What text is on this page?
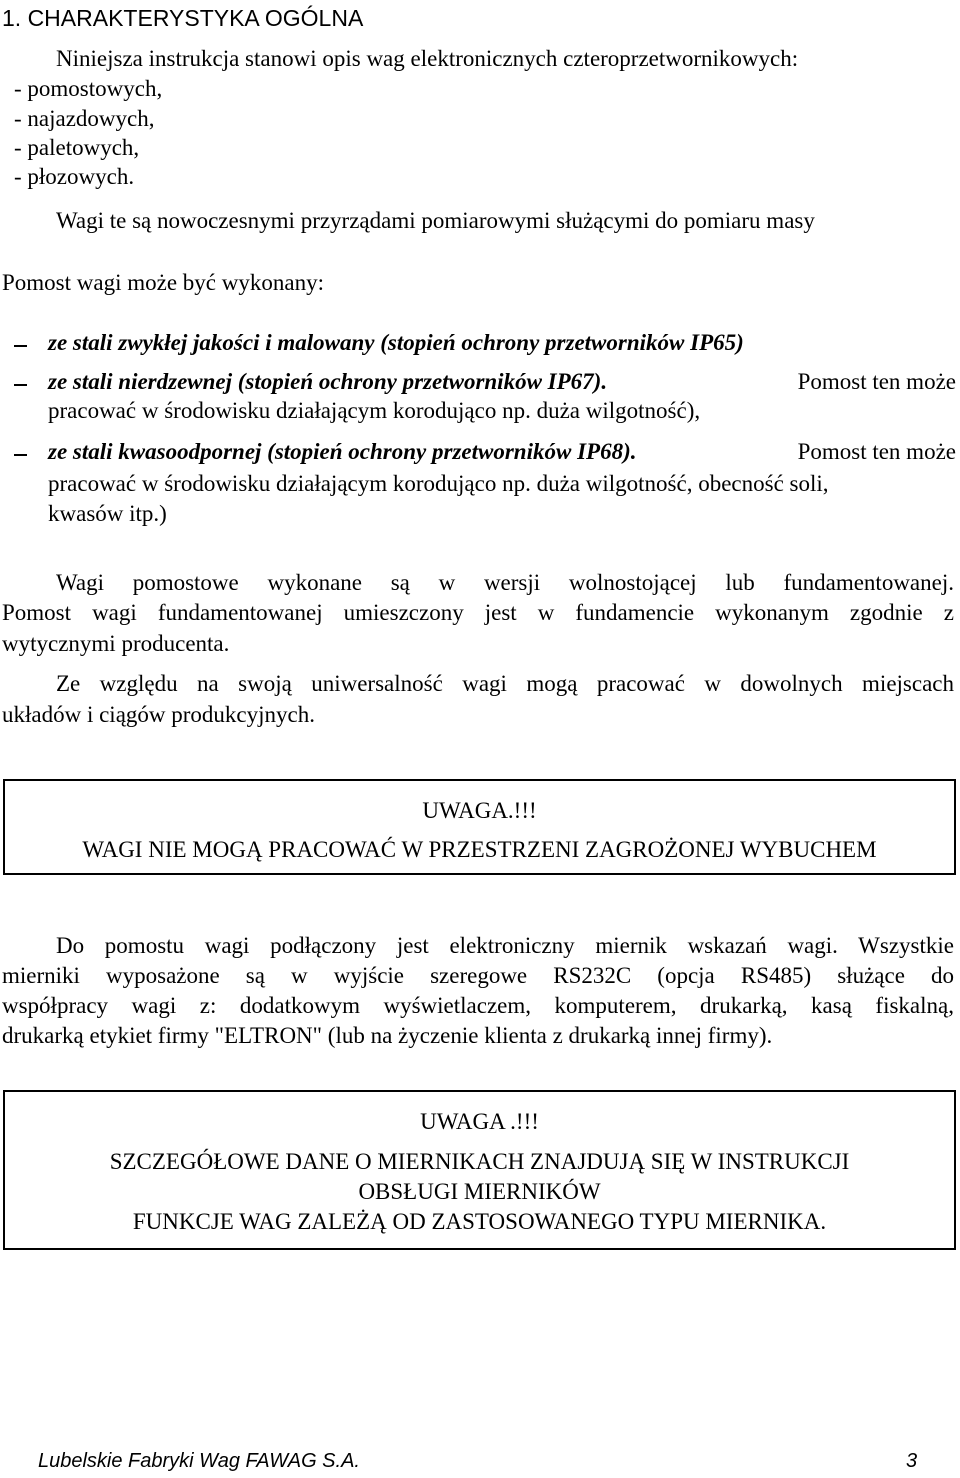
1. CHARAKTERYSTYKA OGÓLNA
Niniejsza instrukcja stanowi opis wag elektronicznych czteroprzetwornikowych:
- pomostowych,
- najazdowych,
- paletowych,
- płozowych.
Wagi te są nowoczesnymi przyrządami pomiarowymi służącymi do pomiaru masy
Pomost wagi może być wykonany:
ze stali zwykłej jakości i malowany (stopień ochrony przetworników IP65)
ze stali nierdzewnej (stopień ochrony przetworników IP67).	Pomost ten może
pracować w środowisku działającym korodująco np. duża wilgotność),
ze stali kwasoodpornej (stopień ochrony przetworników IP68).	Pomost ten może
pracować w środowisku działającym korodująco np. duża wilgotność, obecność soli,
kwasów itp.)
Wagi pomostowe wykonane są w wersji wolnostojącej lub fundamentowanej.
Pomost wagi fundamentowanej umieszczony jest w fundamencie wykonanym zgodnie z
wytycznymi producenta.
Ze względu na swoją uniwersalność wagi mogą pracować w dowolnych miejscach
układów i ciągów produkcyjnych.
UWAGA.!!!
WAGI NIE MOGĄ PRACOWAĆ W PRZESTRZENI ZAGROŻONEJ WYBUCHEM
Do pomostu wagi podłączony jest elektroniczny miernik wskazań wagi. Wszystkie
mierniki wyposażone są w wyjście szeregowe RS232C (opcja RS485) służące do
współpracy wagi z: dodatkowym wyświetlaczem, komputerem, drukarką, kasą fiskalną,
drukarką etykiet firmy "ELTRON" (lub na życzenie klienta z drukarką innej firmy).
UWAGA .!!!
SZCZEGÓŁOWE DANE O MIERNIKACH ZNAJDUJĄ SIĘ W INSTRUKCJI
OBSŁUGI MIERNIKÓW
FUNKCJE WAG ZALEŻĄ OD ZASTOSOWANEGO TYPU MIERNIKA.
Lubelskie Fabryki Wag FAWAG S.A.	3
